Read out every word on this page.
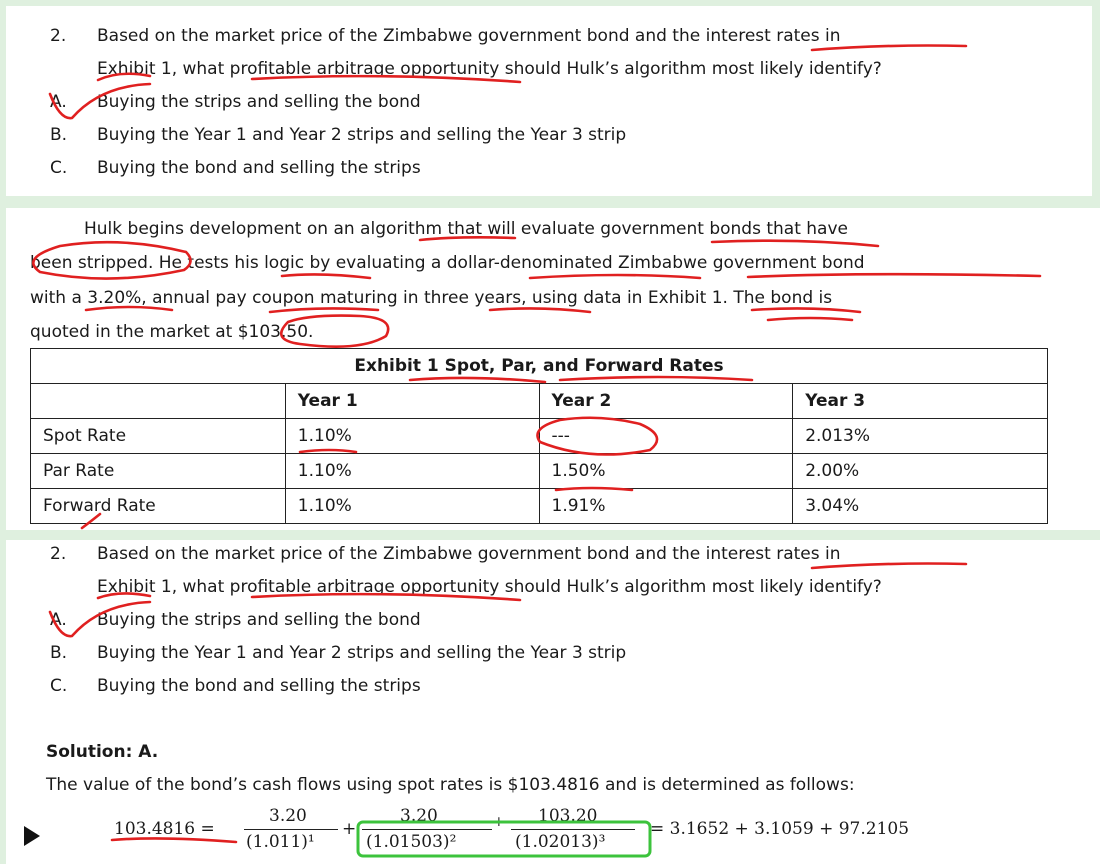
2. Based on the market price of the Zimbabwe government bond and the interest rates in
Exhibit 1, what profitable arbitrage opportunity should Hulk’s algorithm most likely identify?
A. Buying the strips and selling the bond
B. Buying the Year 1 and Year 2 strips and selling the Year 3 strip
C. Buying the bond and selling the strips
Hulk begins development on an algorithm that will evaluate government bonds that have
been stripped. He tests his logic by evaluating a dollar-denominated Zimbabwe government bond
with a 3.20%, annual pay coupon maturing in three years, using data in Exhibit 1. The bond is
quoted in the market at $103.50.
Exhibit 1 Spot, Par, and Forward Rates			
	Year 1	Year 2	Year 3
Spot Rate	1.10%	---	2.013%
Par Rate	1.10%	1.50%	2.00%
Forward Rate	1.10%	1.91%	3.04%
2. Based on the market price of the Zimbabwe government bond and the interest rates in
Exhibit 1, what profitable arbitrage opportunity should Hulk’s algorithm most likely identify?
A. Buying the strips and selling the bond
B. Buying the Year 1 and Year 2 strips and selling the Year 3 strip
C. Buying the bond and selling the strips
Solution: A.
The value of the bond’s cash flows using spot rates is $103.4816 and is determined as follows:
103.4816 =
3.20
(1.011)¹
+
3.20
(1.01503)²
+ 103.20
(1.02013)³
= 3.1652 + 3.1059 + 97.2105
